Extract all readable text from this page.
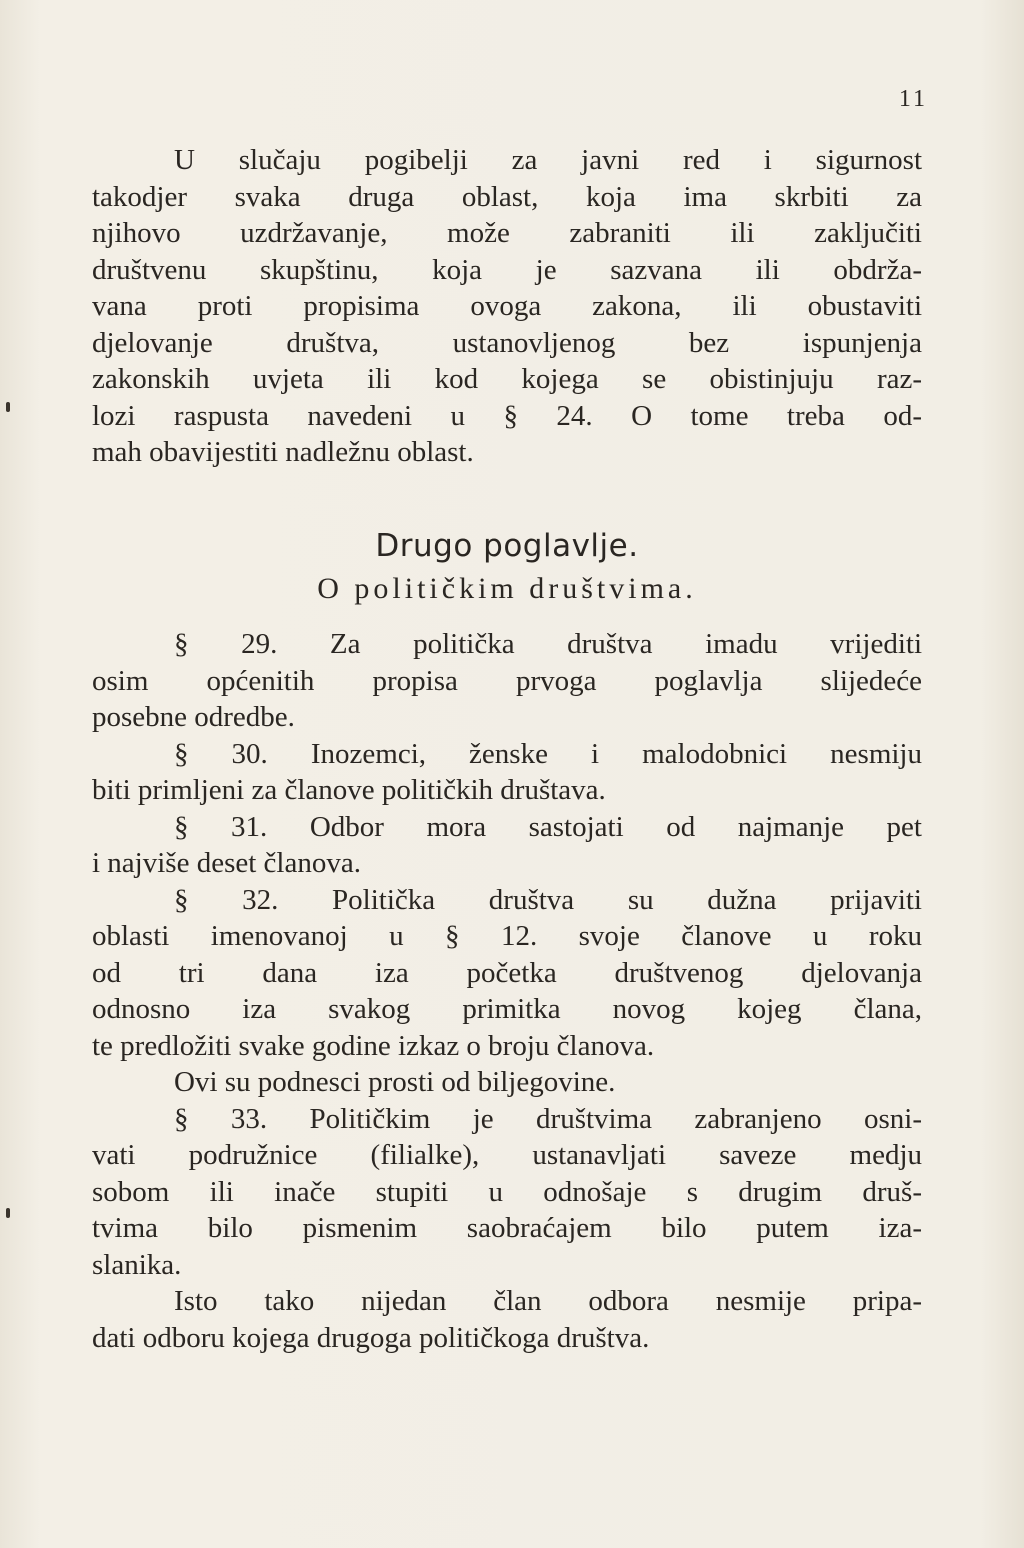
11
U slučaju pogibelji za javni red i sigurnost
takodjer svaka druga oblast, koja ima skrbiti za
njihovo uzdržavanje, može zabraniti ili zaključiti
društvenu skupštinu, koja je sazvana ili obdrža-
vana proti propisima ovoga zakona, ili obustaviti
djelovanje društva, ustanovljenog bez ispunjenja
zakonskih uvjeta ili kod kojega se obistinjuju raz-
lozi raspusta navedeni u § 24. O tome treba od-
mah obavijestiti nadležnu oblast.
Drugo poglavlje.
O političkim društvima.
§ 29. Za politička društva imadu vrijediti
osim općenitih propisa prvoga poglavlja slijedeće
posebne odredbe.
§ 30. Inozemci, ženske i malodobnici nesmiju
biti primljeni za članove političkih društava.
§ 31. Odbor mora sastojati od najmanje pet
i najviše deset članova.
§ 32. Politička društva su dužna prijaviti
oblasti imenovanoj u § 12. svoje članove u roku
od tri dana iza početka društvenog djelovanja
odnosno iza svakog primitka novog kojeg člana,
te predložiti svake godine izkaz o broju članova.
Ovi su podnesci prosti od biljegovine.
§ 33. Političkim je društvima zabranjeno osni-
vati podružnice (filialke), ustanavljati saveze medju
sobom ili inače stupiti u odnošaje s drugim druš-
tvima bilo pismenim saobraćajem bilo putem iza-
slanika.
Isto tako nijedan član odbora nesmije pripa-
dati odboru kojega drugoga političkoga društva.
